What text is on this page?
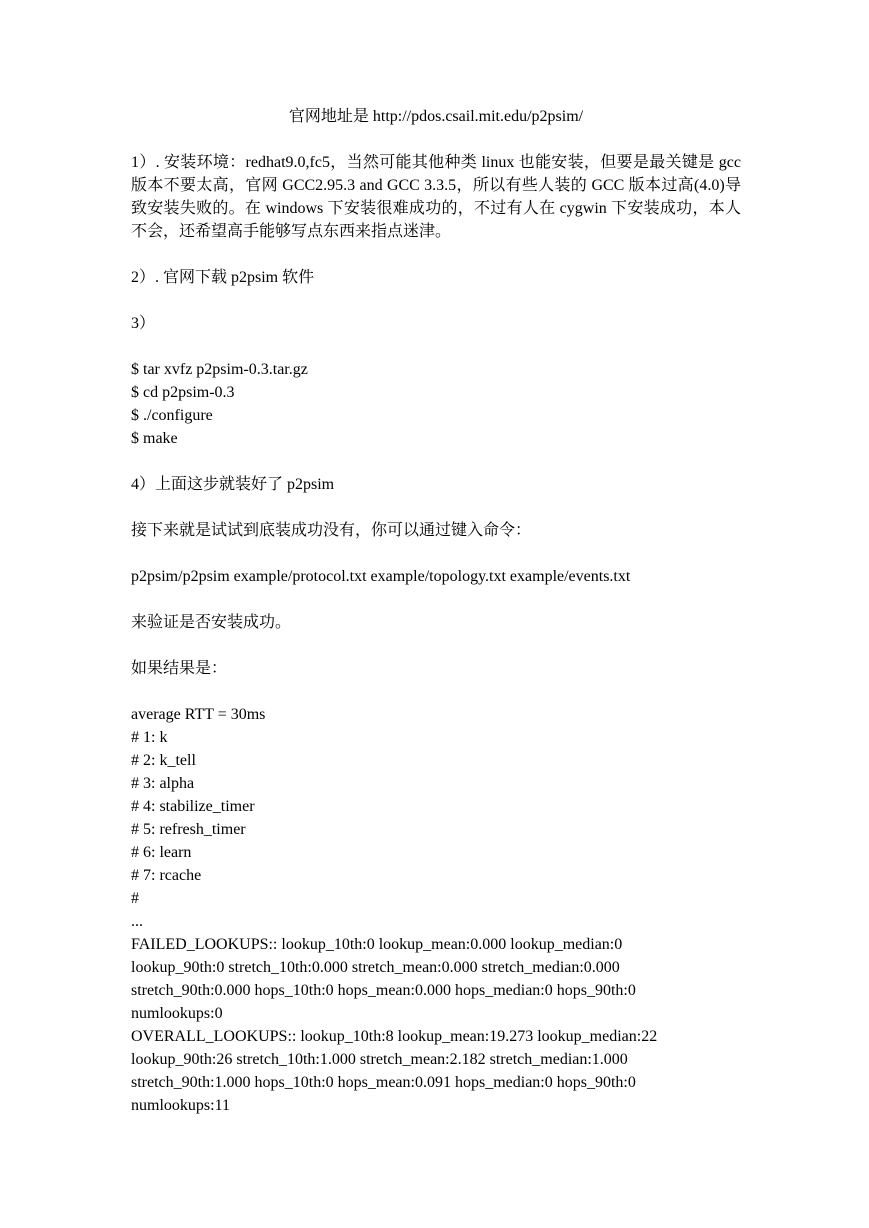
官网地址是 http://pdos.csail.mit.edu/p2psim/

1）. 安装环境：redhat9.0,fc5，当然可能其他种类 linux 也能安装，但要是最关键是 gcc 版本不要太高，官网 GCC2.95.3 and GCC 3.3.5，所以有些人装的 GCC 版本过高(4.0)导致安装失败的。在 windows 下安装很难成功的，不过有人在 cygwin 下安装成功，本人不会，还希望高手能够写点东西来指点迷津。

2）. 官网下载 p2psim 软件

3）

$ tar xvfz p2psim-0.3.tar.gz
$ cd p2psim-0.3
$ ./configure
$ make

4）上面这步就装好了 p2psim

接下来就是试试到底装成功没有，你可以通过键入命令：

p2psim/p2psim example/protocol.txt example/topology.txt example/events.txt

来验证是否安装成功。

如果结果是：

average RTT = 30ms
# 1: k
# 2: k_tell
# 3: alpha
# 4: stabilize_timer
# 5: refresh_timer
# 6: learn
# 7: rcache
#
...
FAILED_LOOKUPS:: lookup_10th:0 lookup_mean:0.000 lookup_median:0
lookup_90th:0 stretch_10th:0.000 stretch_mean:0.000 stretch_median:0.000
stretch_90th:0.000 hops_10th:0 hops_mean:0.000 hops_median:0 hops_90th:0
numlookups:0
OVERALL_LOOKUPS:: lookup_10th:8 lookup_mean:19.273 lookup_median:22
lookup_90th:26 stretch_10th:1.000 stretch_mean:2.182 stretch_median:1.000
stretch_90th:1.000 hops_10th:0 hops_mean:0.091 hops_median:0 hops_90th:0
numlookups:11
